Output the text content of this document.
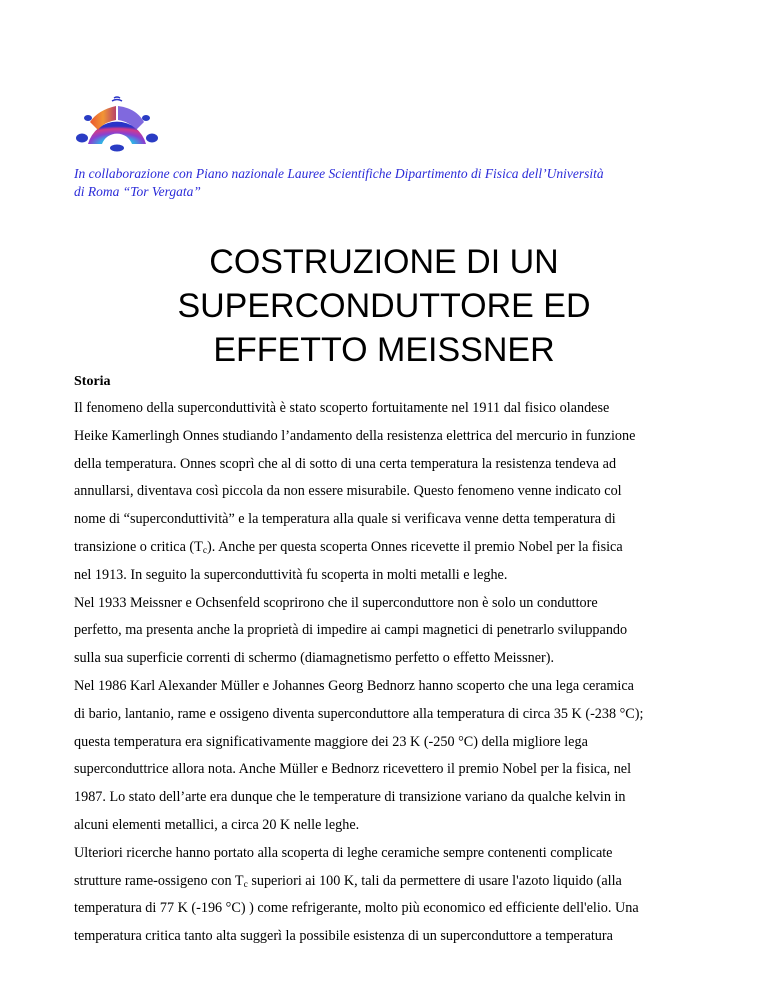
In collaborazione con Piano nazionale Lauree Scientifiche Dipartimento di Fisica dell’Università
di Roma “Tor Vergata”
COSTRUZIONE DI UN
SUPERCONDUTTORE ED
EFFETTO MEISSNER
Storia
Il fenomeno della superconduttività è stato scoperto fortuitamente nel 1911 dal fisico olandese
Heike Kamerlingh Onnes studiando l’andamento della resistenza elettrica del mercurio in funzione
della temperatura. Onnes scoprì che al di sotto di una certa temperatura la resistenza tendeva ad
annullarsi, diventava così piccola da non essere misurabile. Questo fenomeno venne indicato col
nome di “superconduttività” e la temperatura alla quale si verificava venne detta temperatura di
transizione o critica $(T_c)$. Anche per questa scoperta Onnes ricevette il premio Nobel per la fisica
nel 1913. In seguito la superconduttività fu scoperta in molti metalli e leghe.
Nel 1933 Meissner e Ochsenfeld scoprirono che il superconduttore non è solo un conduttore
perfetto, ma presenta anche la proprietà di impedire ai campi magnetici di penetrarlo sviluppando
sulla sua superficie correnti di schermo (diamagnetismo perfetto o effetto Meissner).
Nel 1986 Karl Alexander Müller e Johannes Georg Bednorz hanno scoperto che una lega ceramica
di bario, lantanio, rame e ossigeno diventa superconduttore alla temperatura di circa 35 K (-238 °C);
questa temperatura era significativamente maggiore dei 23 K (-250 °C) della migliore lega
superconduttrice allora nota. Anche Müller e Bednorz ricevettero il premio Nobel per la fisica, nel
1987. Lo stato dell’arte era dunque che le temperature di transizione variano da qualche kelvin in
alcuni elementi metallici, a circa 20 K nelle leghe.
Ulteriori ricerche hanno portato alla scoperta di leghe ceramiche sempre contenenti complicate
strutture rame-ossigeno con $T_c$ superiori ai 100 K, tali da permettere di usare l'azoto liquido (alla
temperatura di 77 K (-196 °C) ) come refrigerante, molto più economico ed efficiente dell'elio. Una
temperatura critica tanto alta suggerì la possibile esistenza di un superconduttore a temperatura
